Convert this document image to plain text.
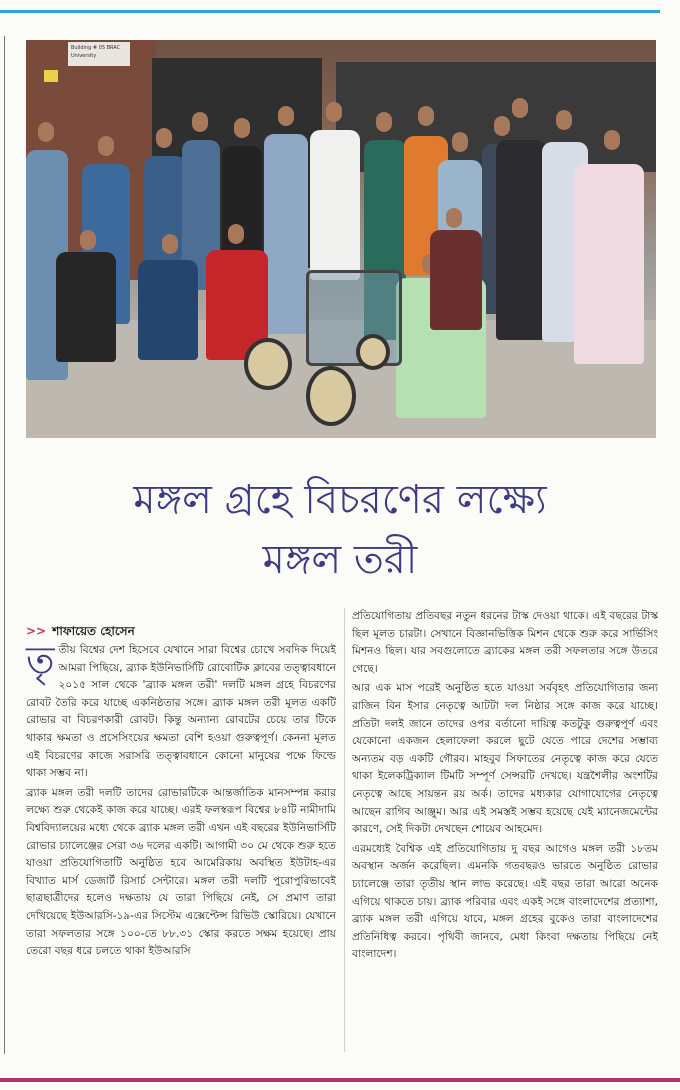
Building # 05 BRAC University
মঙ্গল গ্রহে বিচরণের লক্ষ্যে
মঙ্গল তরী

>> শাফায়েত হোসেন

তৃতীয় বিশ্বের দেশ হিসেবে যেখানে সারা বিশ্বের চোখে সবদিক দিয়েই আমরা পিছিয়ে, ব্র্যাক ইউনিভার্সিটি রোবোটিক ক্লাবের তত্ত্বাবধানে ২০১৫ সাল থেকে 'ব্র্যাক মঙ্গল তরী' দলটি মঙ্গল গ্রহে বিচরণের রোবট তৈরি করে যাচ্ছে একনিষ্ঠতার সঙ্গে। ব্র্যাক মঙ্গল তরী মূলত একটি রোভার বা বিচরণকারী রোবট। কিন্তু অন্যান্য রোবটের চেয়ে তার টিকে থাকার ক্ষমতা ও প্রসেসিংয়ের ক্ষমতা বেশি হওয়া গুরুত্বপূর্ণ। কেননা মূলত এই বিচরণের কাজে সরাসরি তত্ত্বাবধানে কোনো মানুষের পক্ষে ফিল্ডে থাকা সম্ভব না।

ব্র্যাক মঙ্গল তরী দলটি তাদের রোভারটিকে আন্তর্জাতিক মানসম্পন্ন করার লক্ষ্যে শুরু থেকেই কাজ করে যাচ্ছে। এরই ফলস্বরূপ বিশ্বের ৮৪টি নামীদামি বিশ্ববিদ্যালয়ের মধ্যে থেকে ব্র্যাক মঙ্গল তরী এখন এই বছরের ইউনিভার্সিটি রোভার চ্যালেঞ্জের সেরা ৩৬ দলের একটি। আগামী ৩০ মে থেকে শুরু হতে যাওয়া প্রতিযোগিতাটি অনুষ্ঠিত হবে আমেরিকায় অবস্থিত ইউটাহ-এর বিখ্যাত মার্স ডেজার্ট রিসার্চ সেন্টারে। মঙ্গল তরী দলটি পুরোপুরিভাবেই ছাত্রছাত্রীদের হলেও দক্ষতায় যে তারা পিছিয়ে নেই, সে প্রমাণ তারা দেখিয়েছে ইউআরসি-১৯-এর সিস্টেম এক্সেপ্টেন্স রিভিউ স্কোরিয়ে। যেখানে তারা সফলতার সঙ্গে ১০০-তে ৮৮.৩১ স্কোর করতে সক্ষম হয়েছে। প্রায় তেরো বছর ধরে চলতে থাকা ইউআরসি

প্রতিযোগিতায় প্রতিবছর নতুন ধরনের টাস্ক দেওয়া থাকে। এই বছরের টাস্ক ছিল মূলত চারটা। সেখানে বিজ্ঞানভিত্তিক মিশন থেকে শুরু করে সার্ভিসিং মিশনও ছিল। যার সবগুলোতে ব্র্যাকের মঙ্গল তরী সফলতার সঙ্গে উতরে গেছে।

আর এক মাস পরেই অনুষ্ঠিত হতে যাওয়া সর্ববৃহৎ প্রতিযোগিতার জন্য রাজিন বিন ইসার নেতৃত্বে আটটা দল নিষ্ঠার সঙ্গে কাজ করে যাচ্ছে। প্রতিটা দলই জানে তাদের ওপর বর্তানো দায়িত্ব কতটুকু গুরুত্বপূর্ণ এবং যেকোনো একজন হেলাফেলা করলে ছুটে যেতে পারে দেশের সম্ভাব্য অন্যতম বড় একটি গৌরব। মাহবুব সিফাতের নেতৃত্বে কাজ করে যেতে থাকা ইলেকট্রিক্যাল টিমটি সম্পূর্ণ সেন্সরটি দেখছে। যন্ত্রশৈলীর অংশটির নেতৃত্বে আছে সায়ন্তন রয় অর্ক। তাদের মধ্যকার যোগাযোগের নেতৃত্বে আছেন রাগিব আঞ্জুম। আর এই সমস্তই সম্ভব হয়েছে যেই ম্যানেজমেন্টের কারণে, সেই দিকটা দেখছেন শোয়েব আহমেদ।

এরমধ্যেই বৈশ্বিক এই প্রতিযোগিতায় দু বছর আগেও মঙ্গল তরী ১৮তম অবস্থান অর্জন করেছিল। এমনকি গতবছরও ভারতে অনুষ্ঠিত রোভার চ্যালেঞ্জে তারা তৃতীয় স্থান লাভ করেছে। এই বছর তারা আরো অনেক এগিয়ে থাকতে চায়। ব্র্যাক পরিবার এবং একই সঙ্গে বাংলাদেশের প্রত্যাশা, ব্র্যাক মঙ্গল তরী এগিয়ে যাবে, মঙ্গল গ্রহের বুকেও তারা বাংলাদেশের প্রতিনিধিত্ব করবে। পৃথিবী জানবে, মেধা কিংবা দক্ষতায় পিছিয়ে নেই বাংলাদেশ।
